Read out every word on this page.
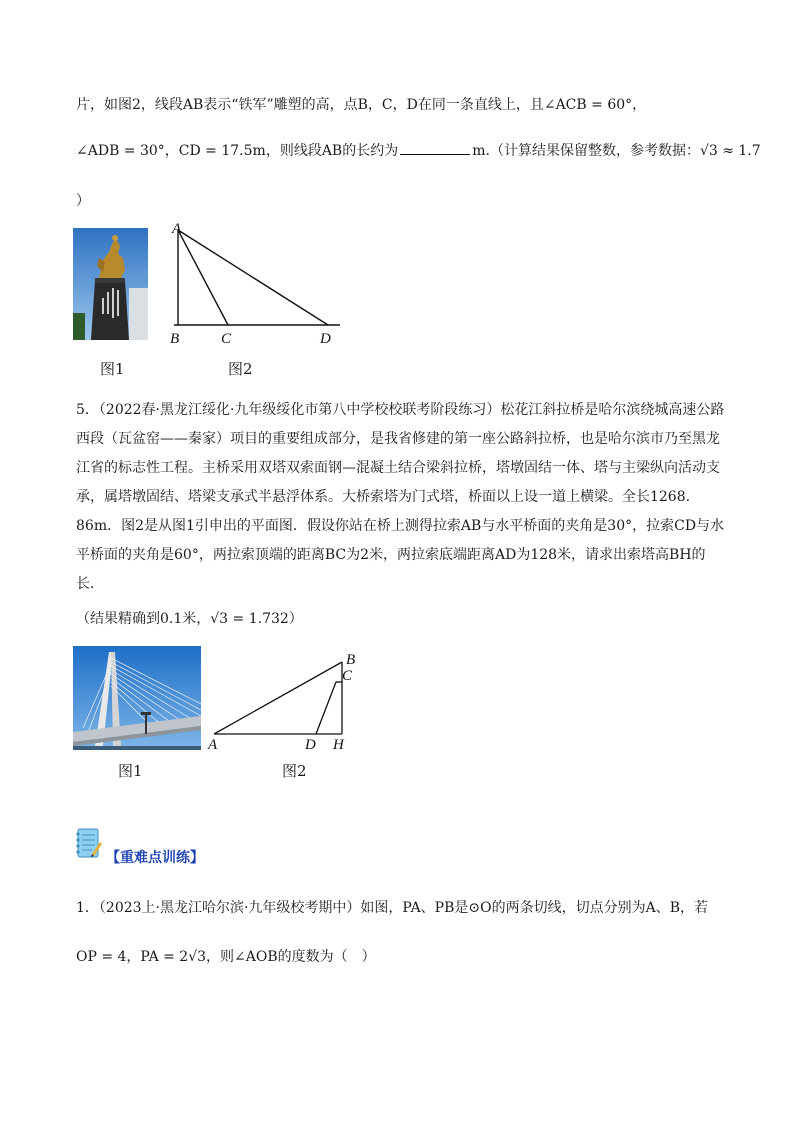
片，如图2，线段AB表示“铁军”雕塑的高，点B，C，D在同一条直线上，且∠ACB = 60°，
∠ADB = 30°，CD = 17.5m，则线段AB的长约为	m.（计算结果保留整数，参考数据：√3 ≈ 1.7
）
图1
A
B	C	D
图2
5．（2022春·黑龙江绥化·九年级绥化市第八中学校校联考阶段练习）松花江斜拉桥是哈尔滨绕城高速公路西段（瓦盆窑——秦家）项目的重要组成部分，是我省修建的第一座公路斜拉桥，也是哈尔滨市乃至黑龙江省的标志性工程。主桥采用双塔双索面钢—混凝土结合梁斜拉桥，塔墩固结一体、塔与主梁纵向活动支承，属塔墩固结、塔梁支承式半悬浮体系。大桥索塔为门式塔，桥面以上设一道上横梁。全长1268. 86m．图2是从图1引申出的平面图．假设你站在桥上测得拉索AB与水平桥面的夹角是30°，拉索CD与水平桥面的夹角是60°，两拉索顶端的距离BC为2米，两拉索底端距离AD为128米，请求出索塔高BH的长．
（结果精确到0.1米，√3 = 1.732）
图1
B
C
A	D H
图2
【重难点训练】
1．（2023上·黑龙江哈尔滨·九年级校考期中）如图，PA、PB是⊙O的两条切线，切点分别为A、B，若
OP = 4，PA = 2√3，则∠AOB的度数为（　）
